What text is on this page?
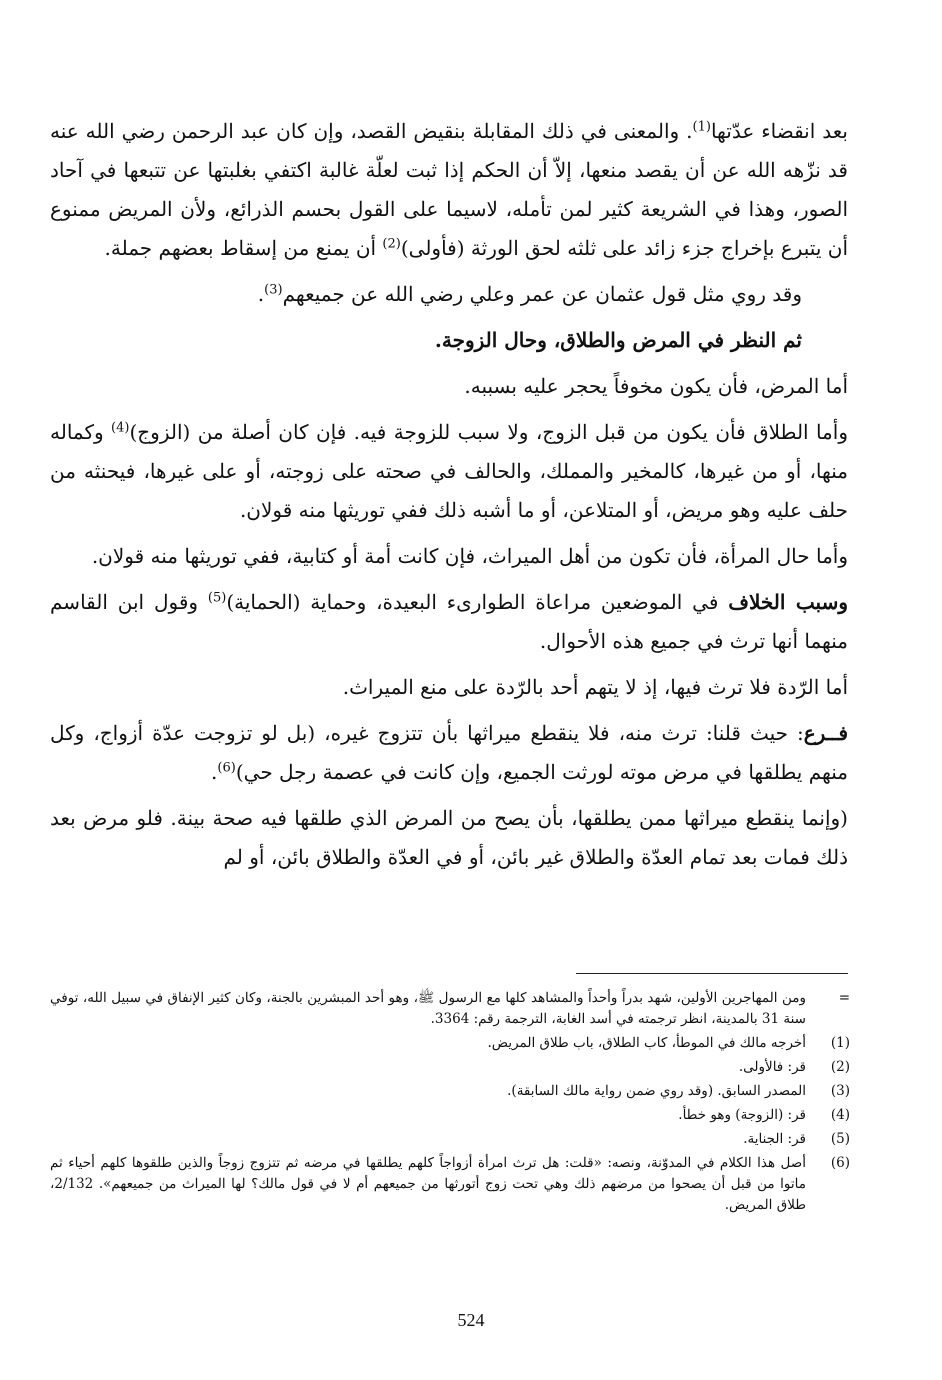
بعد انقضاء عدّتها$^{(1)}$. والمعنى في ذلك المقابلة بنقيض القصد، وإن كان عبد الرحمن رضي الله عنه قد نزّهه الله عن أن يقصد منعها، إلاّ أن الحكم إذا ثبت لعلّة غالبة اكتفي بغلبتها عن تتبعها في آحاد الصور، وهذا في الشريعة كثير لمن تأمله، لاسيما على القول بحسم الذرائع، ولأن المريض ممنوع أن يتبرع بإخراج جزء زائد على ثلثه لحق الورثة (فأولى)$^{(2)}$ أن يمنع من إسقاط بعضهم جملة.

وقد روي مثل قول عثمان عن عمر وعلي رضي الله عن جميعهم$^{(3)}$.

ثم النظر في المرض والطلاق، وحال الزوجة.

أما المرض، فأن يكون مخوفاً يحجر عليه بسببه.

وأما الطلاق فأن يكون من قبل الزوج، ولا سبب للزوجة فيه. فإن كان أصلة من (الزوج)$^{(4)}$ وكماله منها، أو من غيرها، كالمخير والمملك، والحالف في صحته على زوجته، أو على غيرها، فيحنثه من حلف عليه وهو مريض، أو المتلاعن، أو ما أشبه ذلك ففي توريثها منه قولان.

وأما حال المرأة، فأن تكون من أهل الميراث، فإن كانت أمة أو كتابية، ففي توريثها منه قولان.

وسبب الخلاف في الموضعين مراعاة الطوارىء البعيدة، وحماية (الحماية)$^{(5)}$ وقول ابن القاسم منهما أنها ترث في جميع هذه الأحوال.

أما الرّدة فلا ترث فيها، إذ لا يتهم أحد بالرّدة على منع الميراث.

فــرع: حيث قلنا: ترث منه، فلا ينقطع ميراثها بأن تتزوج غيره، (بل لو تزوجت عدّة أزواج، وكل منهم يطلقها في مرض موته لورثت الجميع، وإن كانت في عصمة رجل حي)$^{(6)}$.

(وإنما ينقطع ميراثها ممن يطلقها، بأن يصح من المرض الذي طلقها فيه صحة بينة. فلو مرض بعد ذلك فمات بعد تمام العدّة والطلاق غير بائن، أو في العدّة والطلاق بائن، أو لم

=
ومن المهاجرين الأولين، شهد بدراً وأحداً والمشاهد كلها مع الرسول ﷺ، وهو أحد المبشرين بالجنة، وكان كثير الإنفاق في سبيل الله، توفي سنة 31 بالمدينة، انظر ترجمته في أسد الغابة، الترجمة رقم: 3364.
(1)
أخرجه مالك في الموطأ، كاب الطلاق، باب طلاق المريض.
(2)
قر: فالأولى.
(3)
المصدر السابق. (وقد روي ضمن رواية مالك السابقة).
(4)
قر: (الزوجة) وهو خطأ.
(5)
قر: الجناية.
(6)
أصل هذا الكلام في المدوّنة، ونصه: «قلت: هل ترث امرأة أزواجاً كلهم يطلقها في مرضه ثم تتزوج زوجاً والذين طلقوها كلهم أحياء ثم ماتوا من قبل أن يصحوا من مرضهم ذلك وهي تحت زوج أتورثها من جميعهم أم لا في قول مالك؟ لها الميراث من جميعهم». 2/132، طلاق المريض.
524
